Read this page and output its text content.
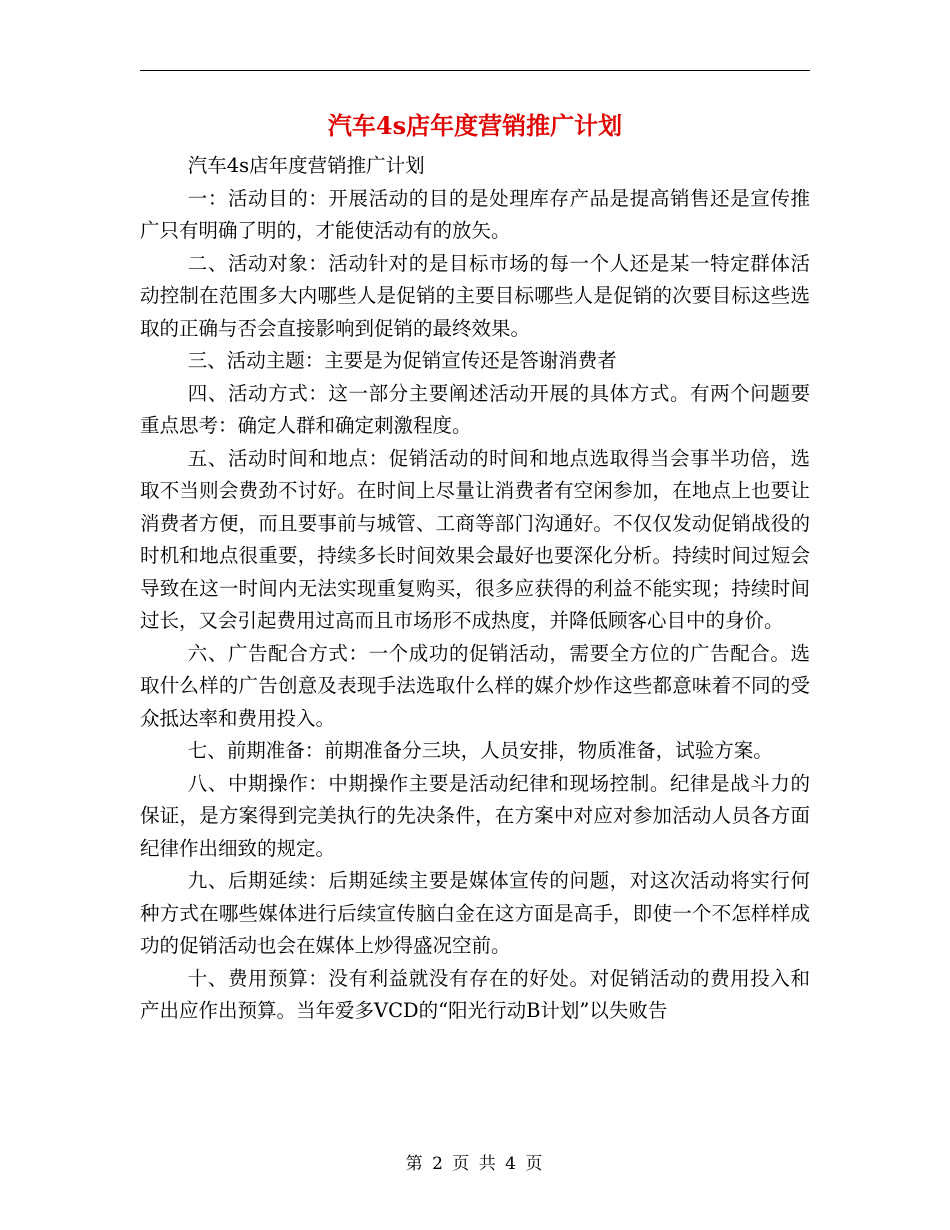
汽车4s店年度营销推广计划

汽车4s店年度营销推广计划

一：活动目的：开展活动的目的是处理库存产品是提高销售还是宣传推广只有明确了明的，才能使活动有的放矢。

二、活动对象：活动针对的是目标市场的每一个人还是某一特定群体活动控制在范围多大内哪些人是促销的主要目标哪些人是促销的次要目标这些选取的正确与否会直接影响到促销的最终效果。

三、活动主题：主要是为促销宣传还是答谢消费者

四、活动方式：这一部分主要阐述活动开展的具体方式。有两个问题要重点思考：确定人群和确定刺激程度。

五、活动时间和地点：促销活动的时间和地点选取得当会事半功倍，选取不当则会费劲不讨好。在时间上尽量让消费者有空闲参加，在地点上也要让消费者方便，而且要事前与城管、工商等部门沟通好。不仅仅发动促销战役的时机和地点很重要，持续多长时间效果会最好也要深化分析。持续时间过短会导致在这一时间内无法实现重复购买，很多应获得的利益不能实现；持续时间过长，又会引起费用过高而且市场形不成热度，并降低顾客心目中的身价。

六、广告配合方式：一个成功的促销活动，需要全方位的广告配合。选取什么样的广告创意及表现手法选取什么样的媒介炒作这些都意味着不同的受众抵达率和费用投入。

七、前期准备：前期准备分三块，人员安排，物质准备，试验方案。

八、中期操作：中期操作主要是活动纪律和现场控制。纪律是战斗力的保证，是方案得到完美执行的先决条件，在方案中对应对参加活动人员各方面纪律作出细致的规定。

九、后期延续：后期延续主要是媒体宣传的问题，对这次活动将实行何种方式在哪些媒体进行后续宣传脑白金在这方面是高手，即使一个不怎样样成功的促销活动也会在媒体上炒得盛况空前。

十、费用预算：没有利益就没有存在的好处。对促销活动的费用投入和产出应作出预算。当年爱多VCD的“阳光行动B计划”以失败告

第 2 页 共 4 页
